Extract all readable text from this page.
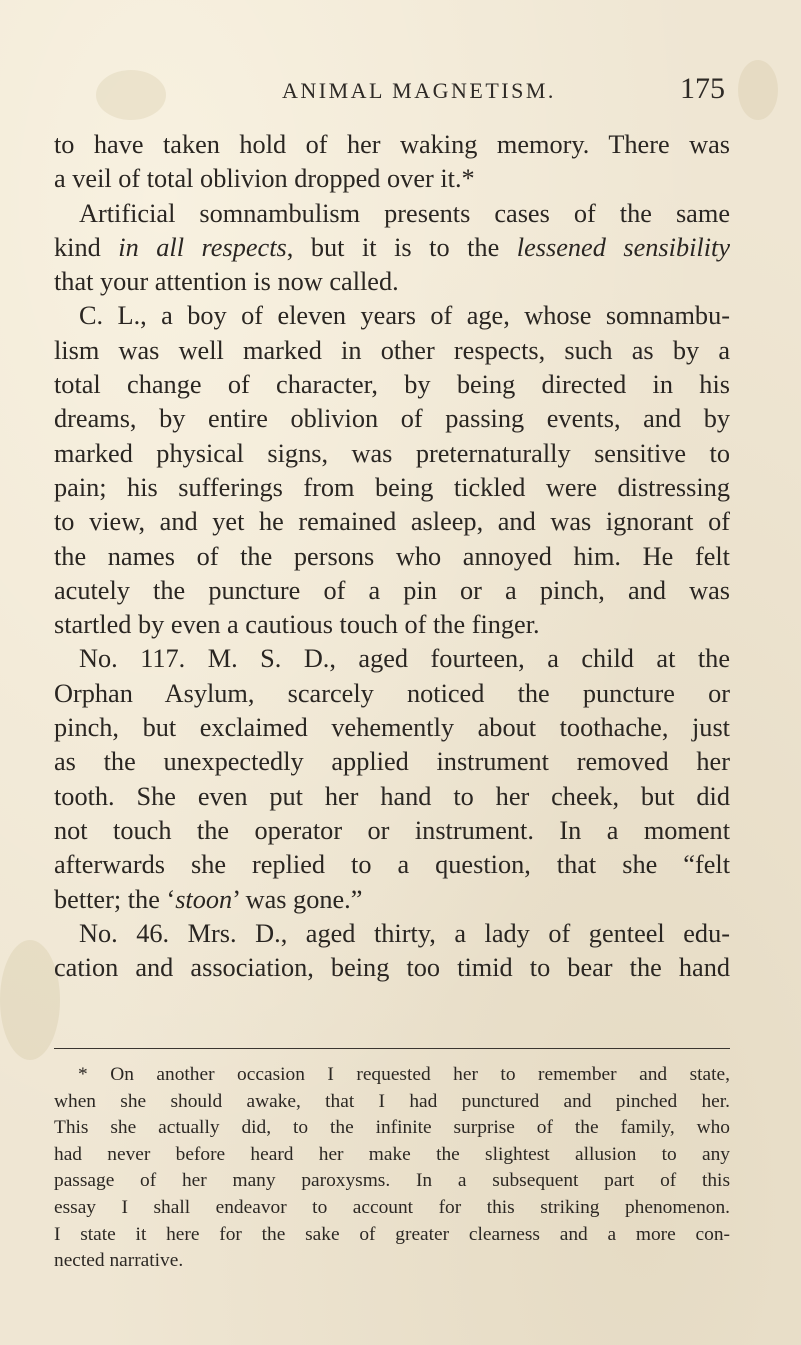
ANIMAL MAGNETISM.	175
to have taken hold of her waking memory. There was
a veil of total oblivion dropped over it.*
Artificial somnambulism presents cases of the same
kind in all respects, but it is to the lessened sensibility
that your attention is now called.
C. L., a boy of eleven years of age, whose somnambu-
lism was well marked in other respects, such as by a
total change of character, by being directed in his
dreams, by entire oblivion of passing events, and by
marked physical signs, was preternaturally sensitive to
pain; his sufferings from being tickled were distressing
to view, and yet he remained asleep, and was ignorant of
the names of the persons who annoyed him. He felt
acutely the puncture of a pin or a pinch, and was
startled by even a cautious touch of the finger.
No. 117. M. S. D., aged fourteen, a child at the
Orphan Asylum, scarcely noticed the puncture or
pinch, but exclaimed vehemently about toothache, just
as the unexpectedly applied instrument removed her
tooth. She even put her hand to her cheek, but did
not touch the operator or instrument. In a moment
afterwards she replied to a question, that she “felt
better; the ‘stoon’ was gone.”
No. 46. Mrs. D., aged thirty, a lady of genteel edu-
cation and association, being too timid to bear the hand
* On another occasion I requested her to remember and state,
when she should awake, that I had punctured and pinched her.
This she actually did, to the infinite surprise of the family, who
had never before heard her make the slightest allusion to any
passage of her many paroxysms. In a subsequent part of this
essay I shall endeavor to account for this striking phenomenon.
I state it here for the sake of greater clearness and a more con-
nected narrative.
